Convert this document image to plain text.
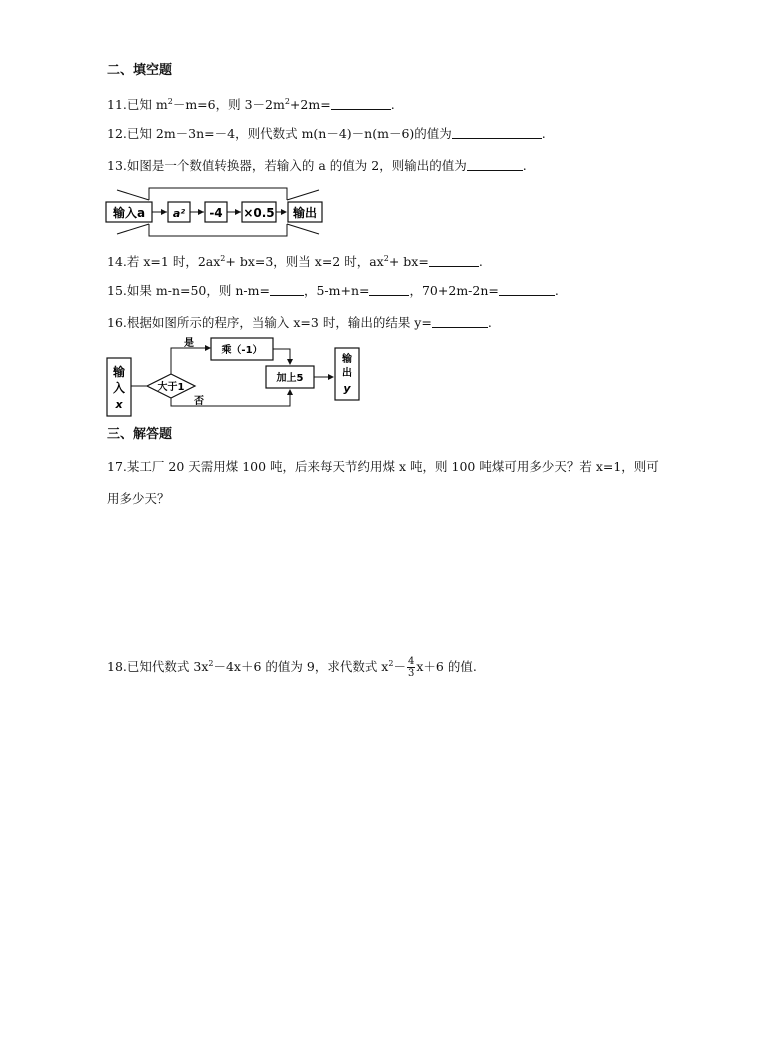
二、填空题
11.已知 $m^2-m=6$，则 $3-2m^2+2m=$	.
12.已知 2m－3n=－4，则代数式 m(n－4)－n(m－6)的值为	.
13.如图是一个数值转换器，若输入的 a 的值为 2，则输出的值为	.
输入a	a² -4 ×0.5 输出
14.若 x=1 时，$2ax^2+ bx=3$，则当 x=2 时，$ax^2+ bx=$	.
15.如果 m-n=50，则 n-m=	，5-m+n=	，70+2m-2n=	.
16.根据如图所示的程序，当输入 x=3 时，输出的结果 y=	.
输
入
x
大于1
是
乘（-1）
否
加上5
输
出
y
三、解答题
17.某工厂 20 天需用煤 100 吨，后来每天节约用煤 x 吨，则 100 吨煤可用多少天？若 x=1，则可
用多少天？
18.已知代数式 $3x^2-4x+6$ 的值为 9，求代数式 $x^2- \frac{4}{3} x+6$ 的值.
